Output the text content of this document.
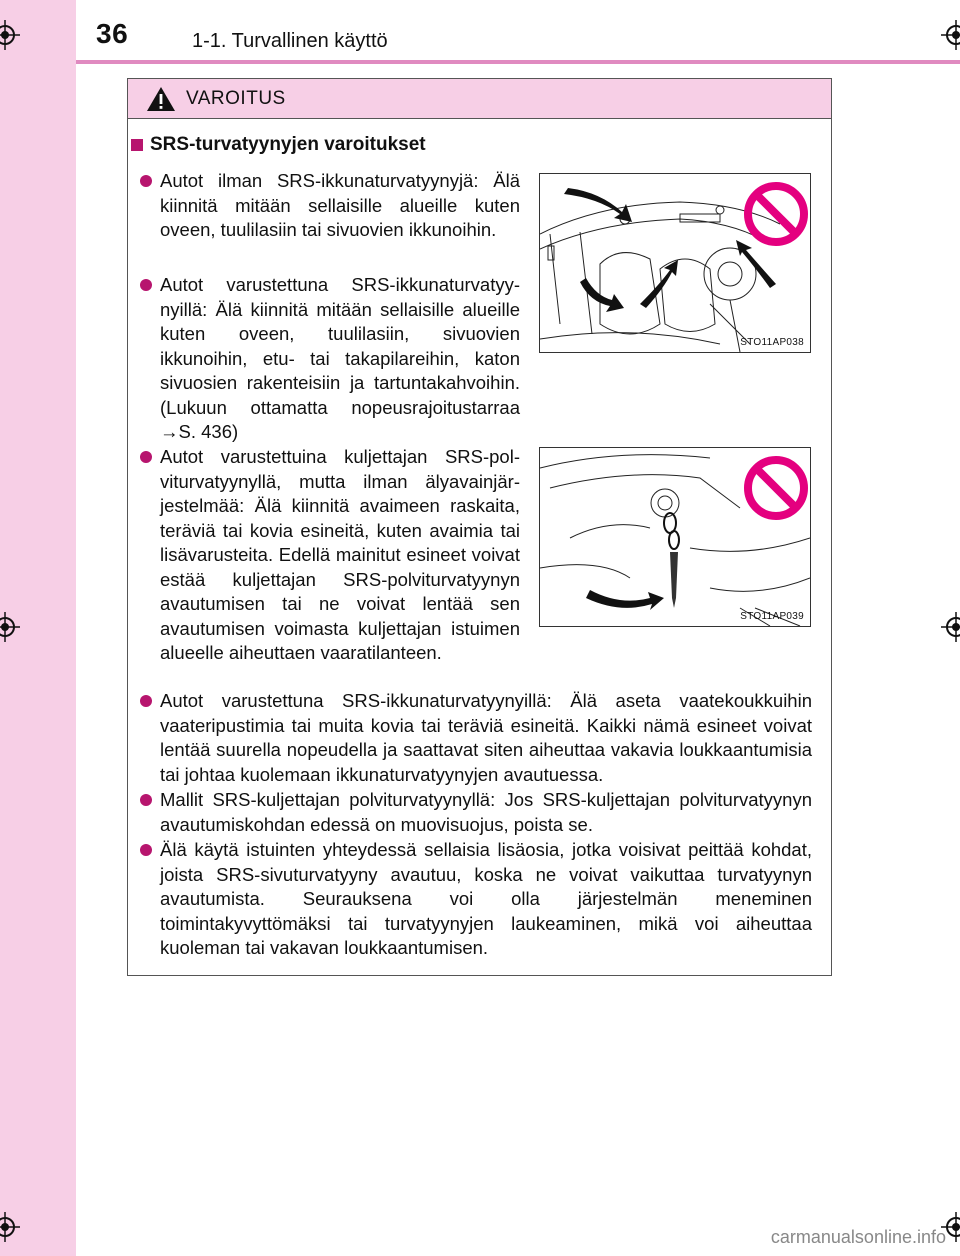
36	1-1. Turvallinen käyttö
VAROITUS
SRS-turvatyynyjen varoitukset
Autot ilman SRS-ikkunaturvatyynyjä: Älä kiinnitä mitään sellaisille alueille kuten oveen, tuulilasiin tai sivuovien ikkunoihin.
Autot varustettuna SRS-ikkunaturvatyynyillä: Älä kiinnitä mitään sellaisille alueille kuten oveen, tuulilasiin, sivuovien ikkunoihin, etu- tai takapilareihin, katon sivuosien rakenteisiin ja tartuntakahvoihin. (Lukuun ottamatta nopeusrajoitustarraa →S. 436)
Autot varustettuina kuljettajan SRS-polviturvatyynyllä, mutta ilman älyavainjärjestelmää: Älä kiinnitä avaimeen raskaita, teräviä tai kovia esineitä, kuten avaimia tai lisävarusteita. Edellä mainitut esineet voivat estää kuljettajan SRS-polviturvatyynyn avautumisen tai ne voivat lentää sen avautumisen voimasta kuljettajan istuimen alueelle aiheuttaen vaaratilanteen.
Autot varustettuna SRS-ikkunaturvatyynyillä: Älä aseta vaatekoukkuihin vaateripustimia tai muita kovia tai teräviä esineitä. Kaikki nämä esineet voivat lentää suurella nopeudella ja saattavat siten aiheuttaa vakavia loukkaantumisia tai johtaa kuolemaan ikkunaturvatyynyjen avautuessa.
Mallit SRS-kuljettajan polviturvatyynyllä: Jos SRS-kuljettajan polviturvatyynyn avautumiskohdan edessä on muovisuojus, poista se.
Älä käytä istuinten yhteydessä sellaisia lisäosia, jotka voisivat peittää kohdat, joista SRS-sivuturvatyyny avautuu, koska ne voivat vaikuttaa turvatyynyn avautumista. Seurauksena voi olla järjestelmän meneminen toimintakyvyttömäksi tai turvatyynyjen laukeaminen, mikä voi aiheuttaa kuoleman tai vakavan loukkaantumisen.
STO11AP038
STO11AP039
carmanualsonline.info
